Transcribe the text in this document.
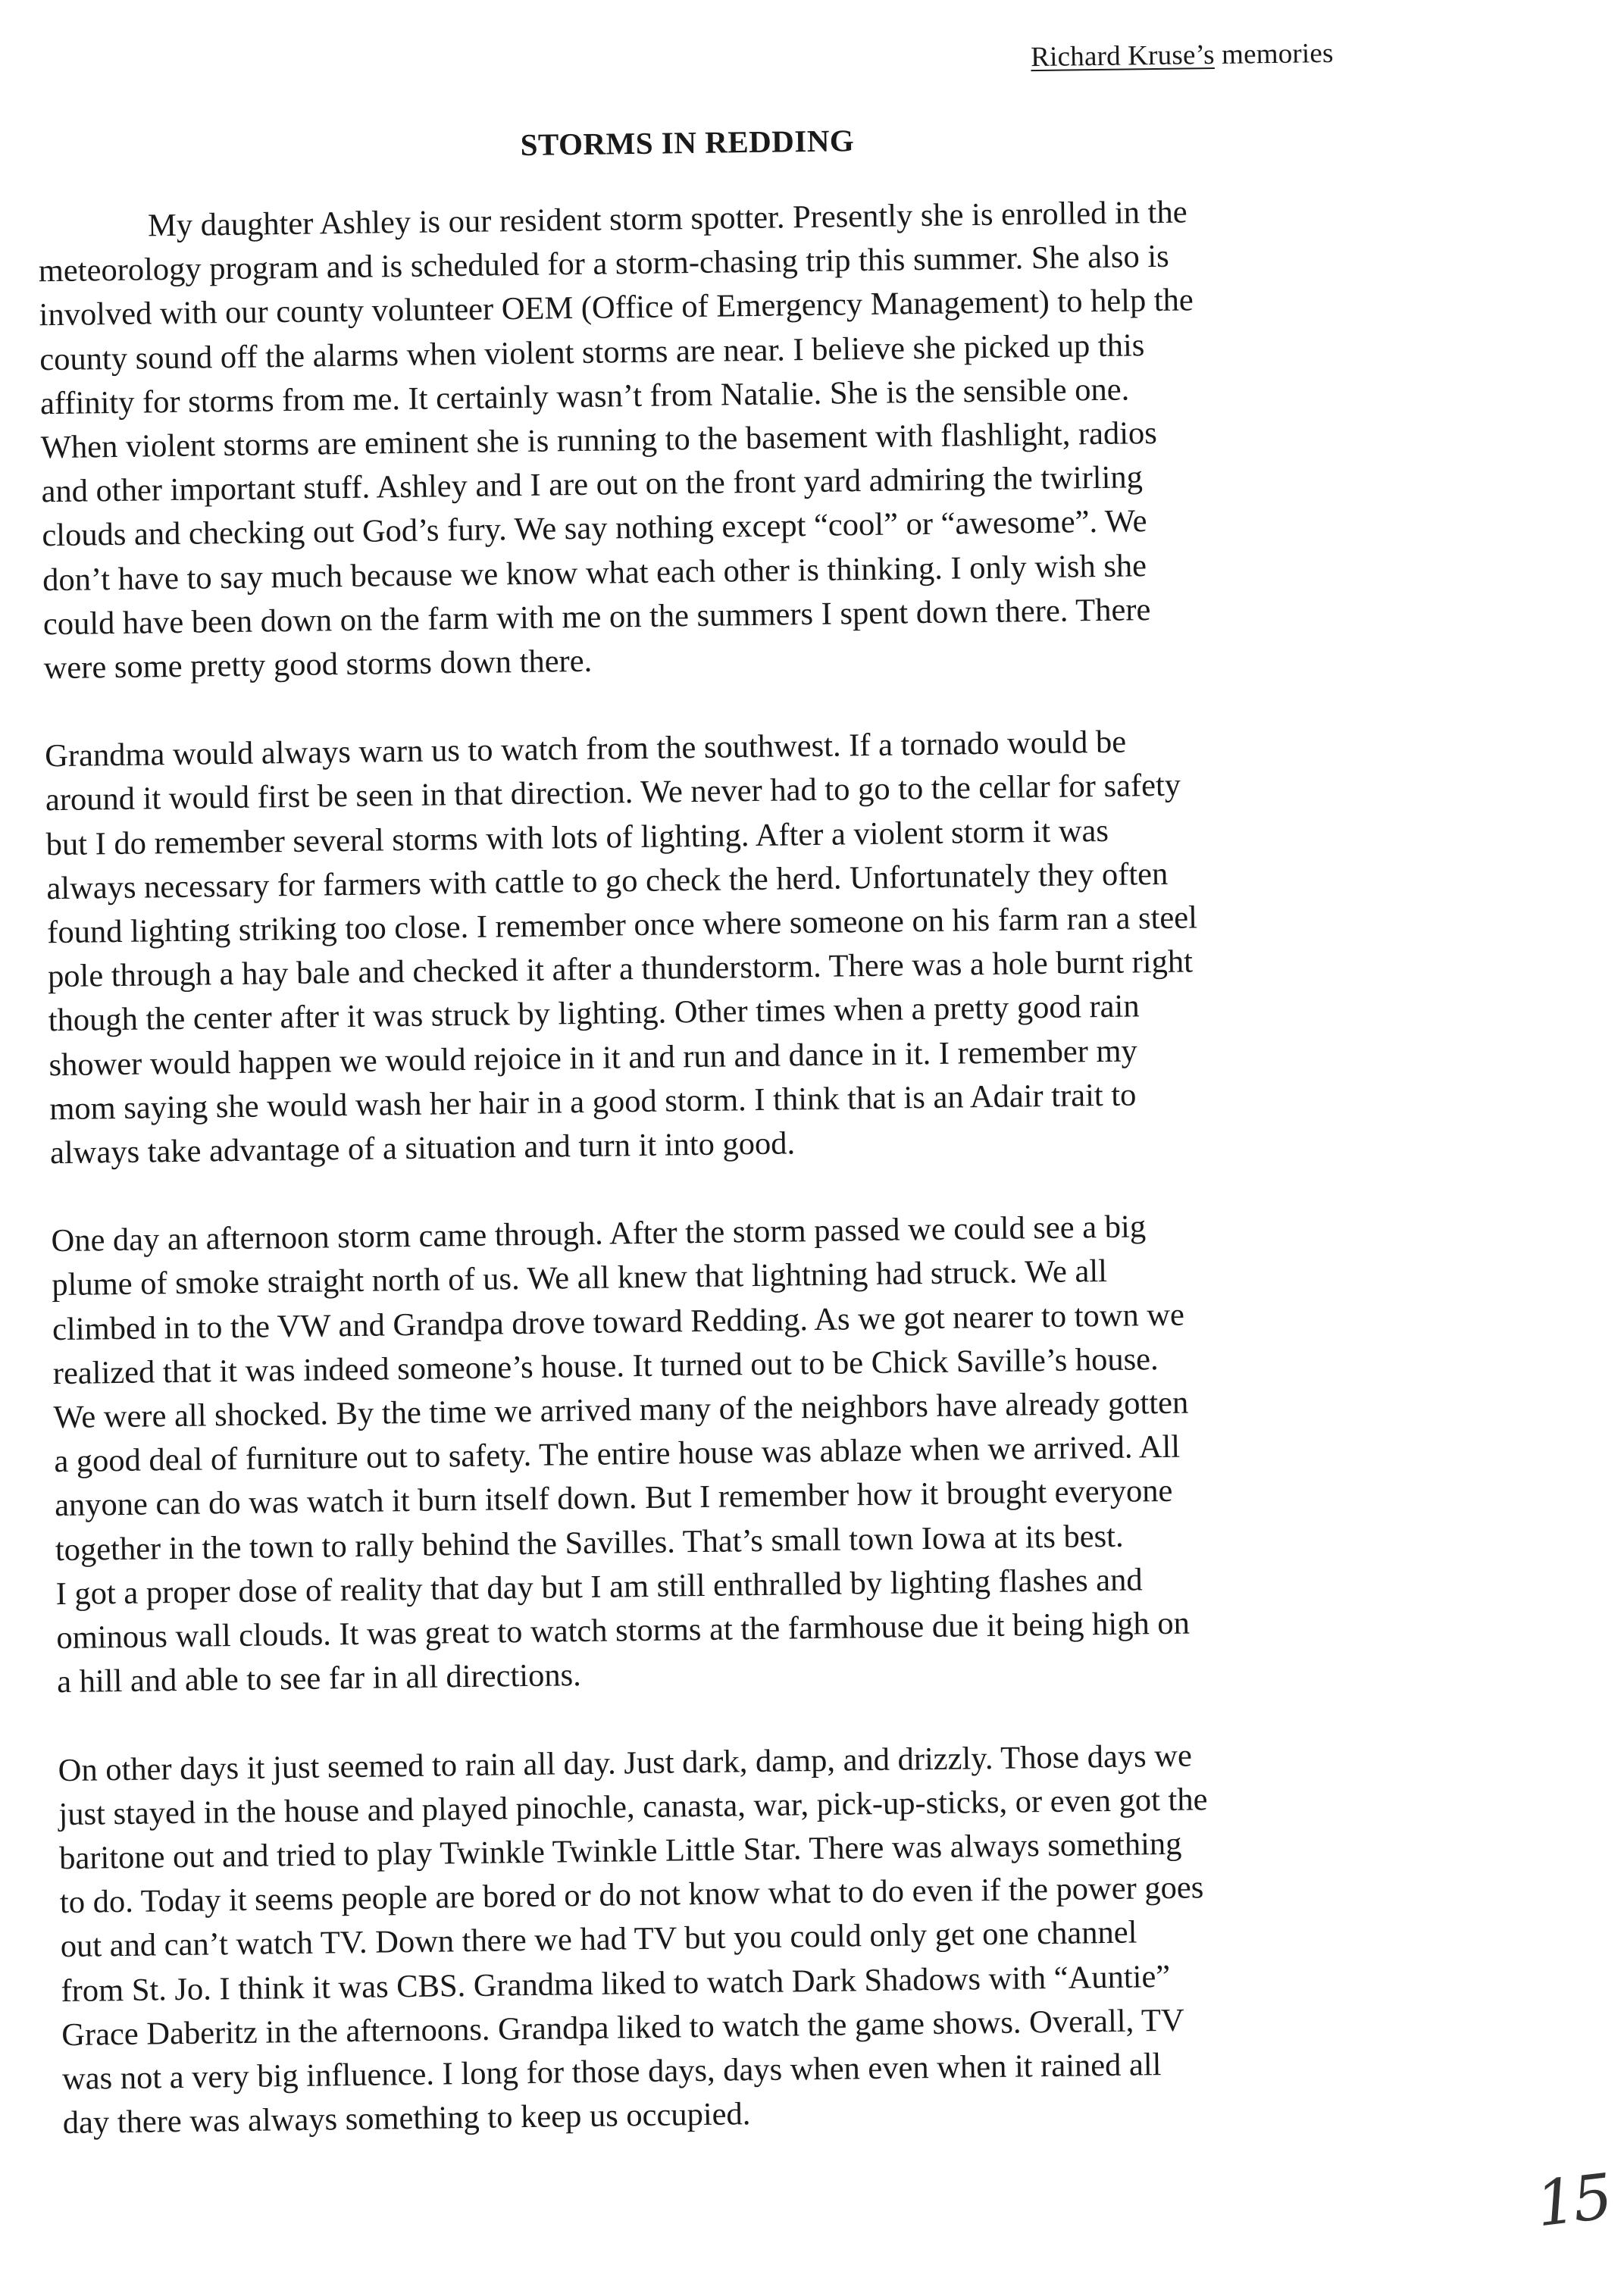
Richard Kruse’s memories
STORMS IN REDDING
My daughter Ashley is our resident storm spotter. Presently she is enrolled in the
meteorology program and is scheduled for a storm-chasing trip this summer. She also is
involved with our county volunteer OEM (Office of Emergency Management) to help the
county sound off the alarms when violent storms are near. I believe she picked up this
affinity for storms from me. It certainly wasn’t from Natalie. She is the sensible one.
When violent storms are eminent she is running to the basement with flashlight, radios
and other important stuff. Ashley and I are out on the front yard admiring the twirling
clouds and checking out God’s fury. We say nothing except “cool” or “awesome”. We
don’t have to say much because we know what each other is thinking. I only wish she
could have been down on the farm with me on the summers I spent down there. There
were some pretty good storms down there.
Grandma would always warn us to watch from the southwest. If a tornado would be
around it would first be seen in that direction. We never had to go to the cellar for safety
but I do remember several storms with lots of lighting. After a violent storm it was
always necessary for farmers with cattle to go check the herd. Unfortunately they often
found lighting striking too close. I remember once where someone on his farm ran a steel
pole through a hay bale and checked it after a thunderstorm. There was a hole burnt right
though the center after it was struck by lighting. Other times when a pretty good rain
shower would happen we would rejoice in it and run and dance in it. I remember my
mom saying she would wash her hair in a good storm. I think that is an Adair trait to
always take advantage of a situation and turn it into good.
One day an afternoon storm came through. After the storm passed we could see a big
plume of smoke straight north of us. We all knew that lightning had struck. We all
climbed in to the VW and Grandpa drove toward Redding. As we got nearer to town we
realized that it was indeed someone’s house. It turned out to be Chick Saville’s house.
We were all shocked. By the time we arrived many of the neighbors have already gotten
a good deal of furniture out to safety. The entire house was ablaze when we arrived. All
anyone can do was watch it burn itself down. But I remember how it brought everyone
together in the town to rally behind the Savilles. That’s small town Iowa at its best.
I got a proper dose of reality that day but I am still enthralled by lighting flashes and
ominous wall clouds. It was great to watch storms at the farmhouse due it being high on
a hill and able to see far in all directions.
On other days it just seemed to rain all day. Just dark, damp, and drizzly. Those days we
just stayed in the house and played pinochle, canasta, war, pick-up-sticks, or even got the
baritone out and tried to play Twinkle Twinkle Little Star. There was always something
to do. Today it seems people are bored or do not know what to do even if the power goes
out and can’t watch TV. Down there we had TV but you could only get one channel
from St. Jo. I think it was CBS. Grandma liked to watch Dark Shadows with “Auntie”
Grace Daberitz in the afternoons. Grandpa liked to watch the game shows. Overall, TV
was not a very big influence. I long for those days, days when even when it rained all
day there was always something to keep us occupied.
15
